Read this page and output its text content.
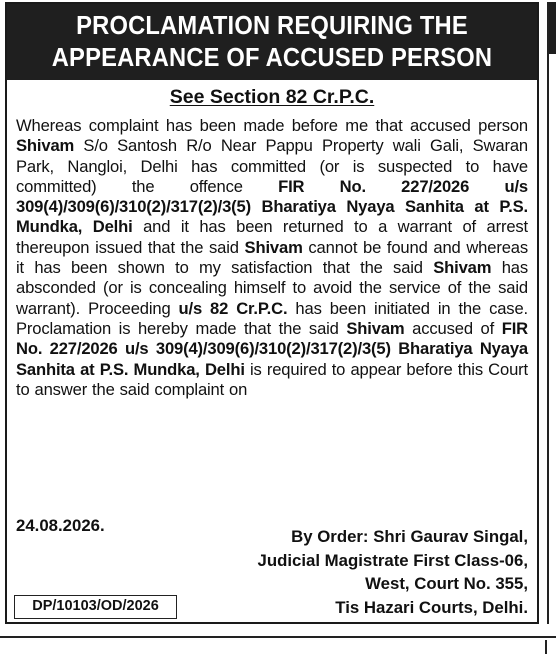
PROCLAMATION REQUIRING THE
APPEARANCE OF ACCUSED PERSON
See Section 82 Cr.P.C.
Whereas complaint has been made before me that accused person Shivam S/o Santosh R/o Near Pappu Property wali Gali, Swaran Park, Nangloi, Delhi has committed (or is suspected to have committed) the offence FIR No. 227/2026 u/s 309(4)/309(6)/310(2)/317(2)/3(5) Bharatiya Nyaya Sanhita at P.S. Mundka, Delhi and it has been returned to a warrant of arrest thereupon issued that the said Shivam cannot be found and whereas it has been shown to my satisfaction that the said Shivam has absconded (or is concealing himself to avoid the service of the said warrant). Proceeding u/s 82 Cr.P.C. has been initiated in the case. Proclamation is hereby made that the said Shivam accused of FIR No. 227/2026 u/s 309(4)/309(6)/310(2)/317(2)/3(5) Bharatiya Nyaya Sanhita at P.S. Mundka, Delhi is required to appear before this Court to answer the said complaint on
24.08.2026.
By Order: Shri Gaurav Singal,
Judicial Magistrate First Class-06,
West, Court No. 355,
Tis Hazari Courts, Delhi.
DP/10103/OD/2026
